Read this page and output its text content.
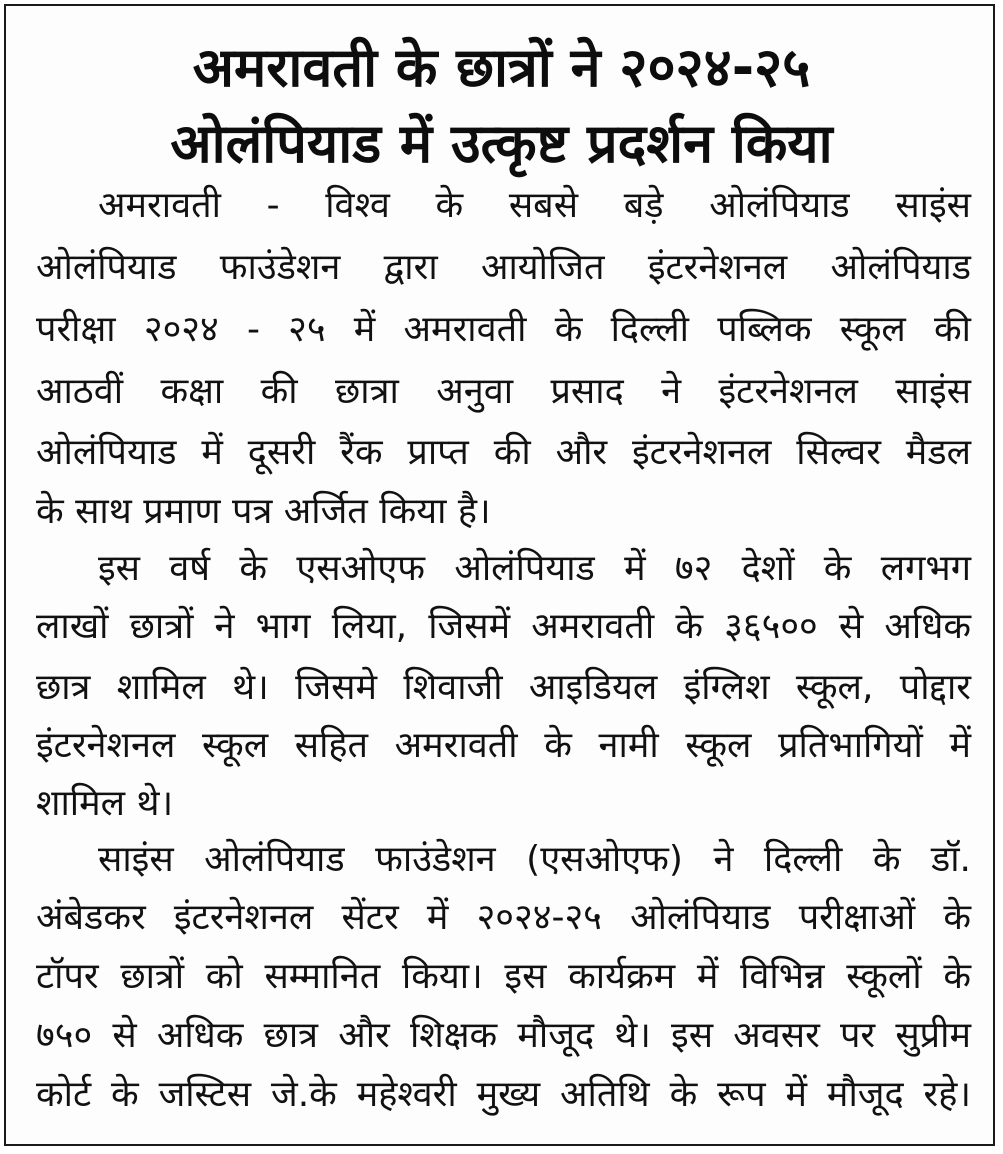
अमरावती के छात्रों ने २०२४-२५
ओलंपियाड में उत्कृष्ट प्रदर्शन किया
अमरावती - विश्व के सबसे बड़े ओलंपियाड साइंस
ओलंपियाड फाउंडेशन द्वारा आयोजित इंटरनेशनल ओलंपियाड
परीक्षा २०२४ - २५ में अमरावती के दिल्ली पब्लिक स्कूल की
आठवीं कक्षा की छात्रा अनुवा प्रसाद ने इंटरनेशनल साइंस
ओलंपियाड में दूसरी रैंक प्राप्त की और इंटरनेशनल सिल्वर मैडल
के साथ प्रमाण पत्र अर्जित किया है।
इस वर्ष के एसओएफ ओलंपियाड में ७२ देशों के लगभग
लाखों छात्रों ने भाग लिया, जिसमें अमरावती के ३६५०० से अधिक
छात्र शामिल थे। जिसमे शिवाजी आइडियल इंग्लिश स्कूल, पोद्दार
इंटरनेशनल स्कूल सहित अमरावती के नामी स्कूल प्रतिभागियों में
शामिल थे।
साइंस ओलंपियाड फाउंडेशन (एसओएफ) ने दिल्ली के डॉ.
अंबेडकर इंटरनेशनल सेंटर में २०२४-२५ ओलंपियाड परीक्षाओं के
टॉपर छात्रों को सम्मानित किया। इस कार्यक्रम में विभिन्न स्कूलों के
७५० से अधिक छात्र और शिक्षक मौजूद थे। इस अवसर पर सुप्रीम
कोर्ट के जस्टिस जे.के महेश्वरी मुख्य अतिथि के रूप में मौजूद रहे।
